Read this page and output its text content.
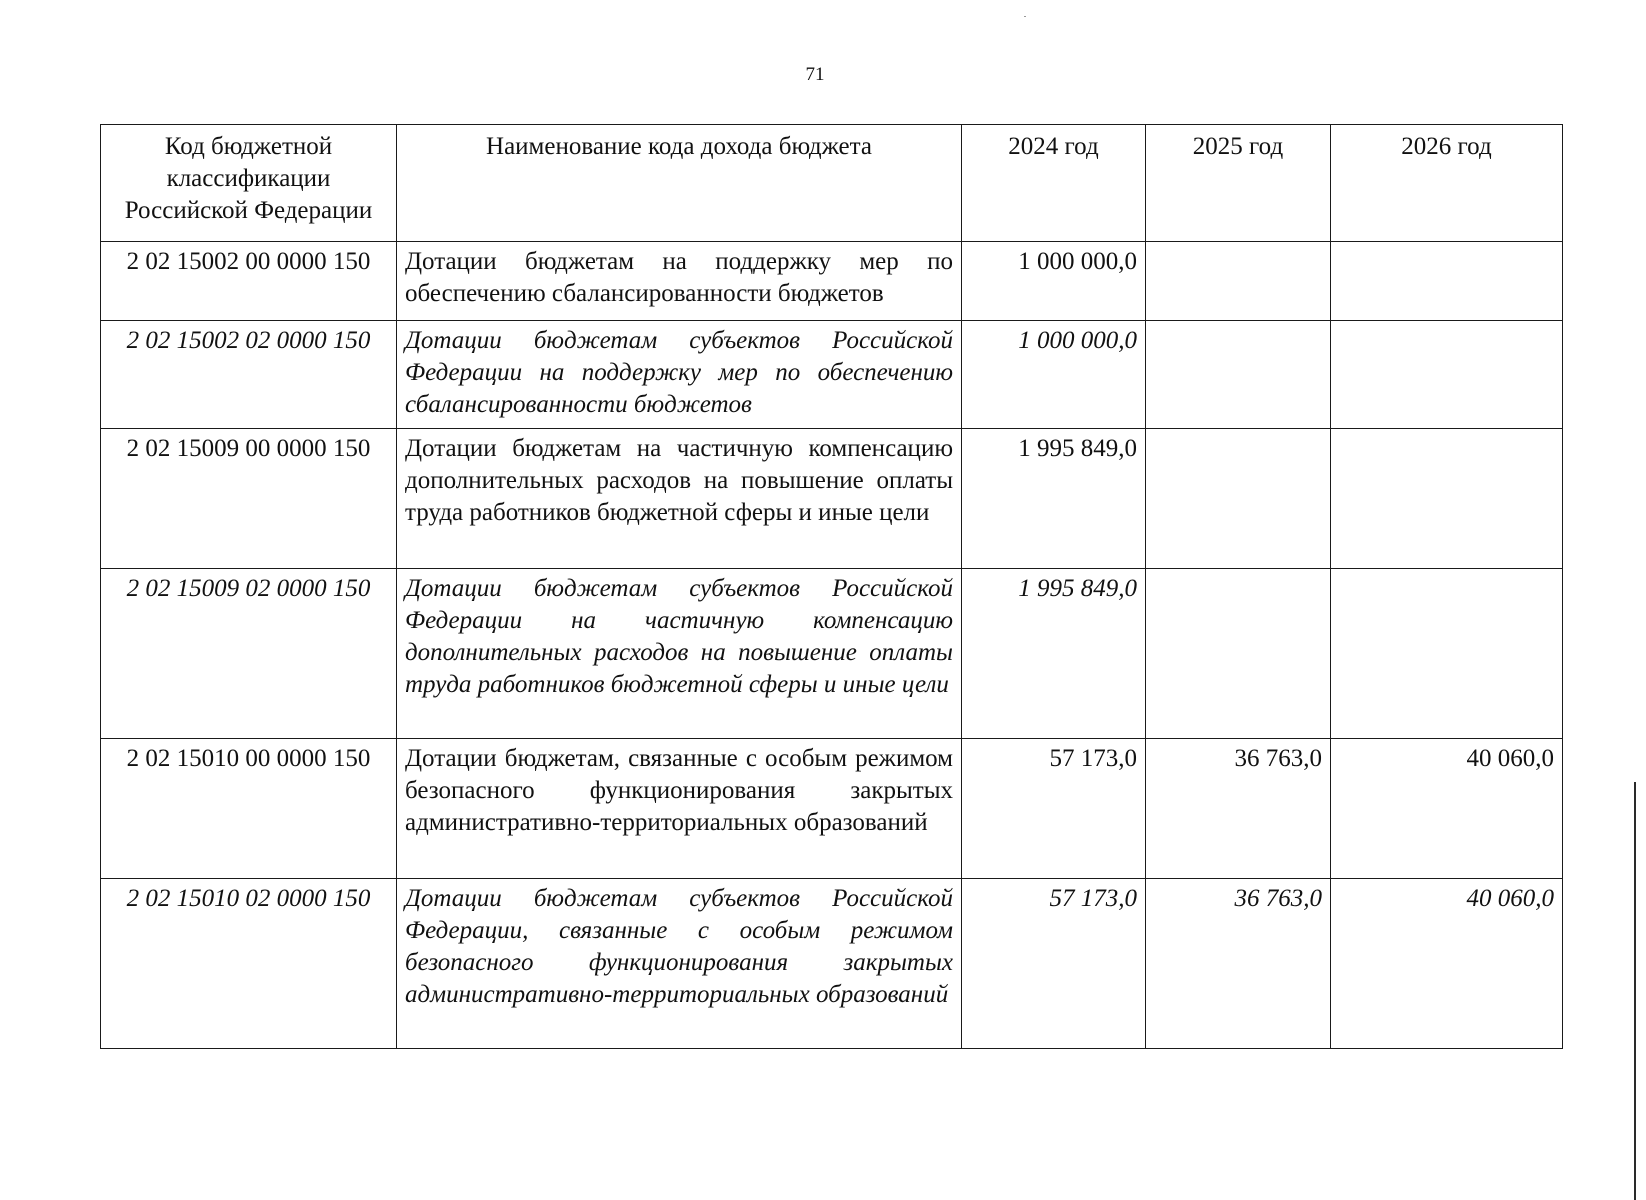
71
Код бюджетной классификации Российской Федерации	Наименование кода дохода бюджета	2024 год	2025 год	2026 год
2 02 15002 00 0000 150	Дотации бюджетам на поддержку мер по обеспечению сбалансированности бюджетов	1 000 000,0		
2 02 15002 02 0000 150	Дотации бюджетам субъектов Российской Федерации на поддержку мер по обеспечению сбалансированности бюджетов	1 000 000,0		
2 02 15009 00 0000 150	Дотации бюджетам на частичную компенсацию дополнительных расходов на повышение оплаты труда работников бюджетной сферы и иные цели	1 995 849,0		
2 02 15009 02 0000 150	Дотации бюджетам субъектов Российской Федерации на частичную компенсацию дополнительных расходов на повышение оплаты труда работников бюджетной сферы и иные цели	1 995 849,0		
2 02 15010 00 0000 150	Дотации бюджетам, связанные с особым режимом безопасного функционирования закрытых административно-территориальных образований	57 173,0	36 763,0	40 060,0
2 02 15010 02 0000 150	Дотации бюджетам субъектов Российской Федерации, связанные с особым режимом безопасного функционирования закрытых административно-территориальных образований	57 173,0	36 763,0	40 060,0
